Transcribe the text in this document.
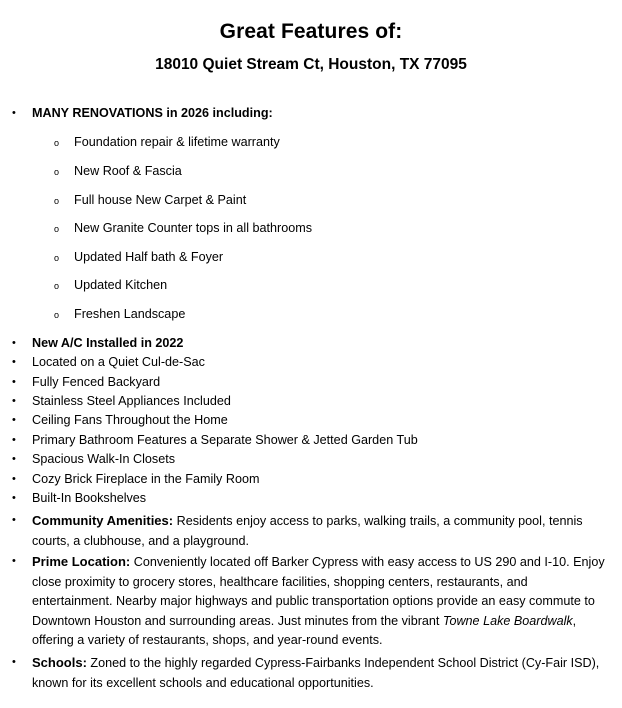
Great Features of:
18010 Quiet Stream Ct, Houston, TX 77095
•	MANY RENOVATIONS in 2026 including:
o	Foundation repair & lifetime warranty
o	New Roof & Fascia
o	Full house New Carpet & Paint
o	New Granite Counter tops in all bathrooms
o	Updated Half bath & Foyer
o	Updated Kitchen
o	Freshen Landscape
•	New A/C Installed in 2022
•	Located on a Quiet Cul-de-Sac
•	Fully Fenced Backyard
•	Stainless Steel Appliances Included
•	Ceiling Fans Throughout the Home
•	Primary Bathroom Features a Separate Shower & Jetted Garden Tub
•	Spacious Walk-In Closets
•	Cozy Brick Fireplace in the Family Room
•	Built-In Bookshelves
•	Community Amenities: Residents enjoy access to parks, walking trails, a community pool, tennis
courts, a clubhouse, and a playground.
•	Prime Location: Conveniently located off Barker Cypress with easy access to US 290 and I-10. Enjoy
close proximity to grocery stores, healthcare facilities, shopping centers, restaurants, and
entertainment. Nearby major highways and public transportation options provide an easy commute to
Downtown Houston and surrounding areas. Just minutes from the vibrant Towne Lake Boardwalk,
offering a variety of restaurants, shops, and year-round events.
•	Schools: Zoned to the highly regarded Cypress-Fairbanks Independent School District (Cy-Fair ISD),
known for its excellent schools and educational opportunities.
